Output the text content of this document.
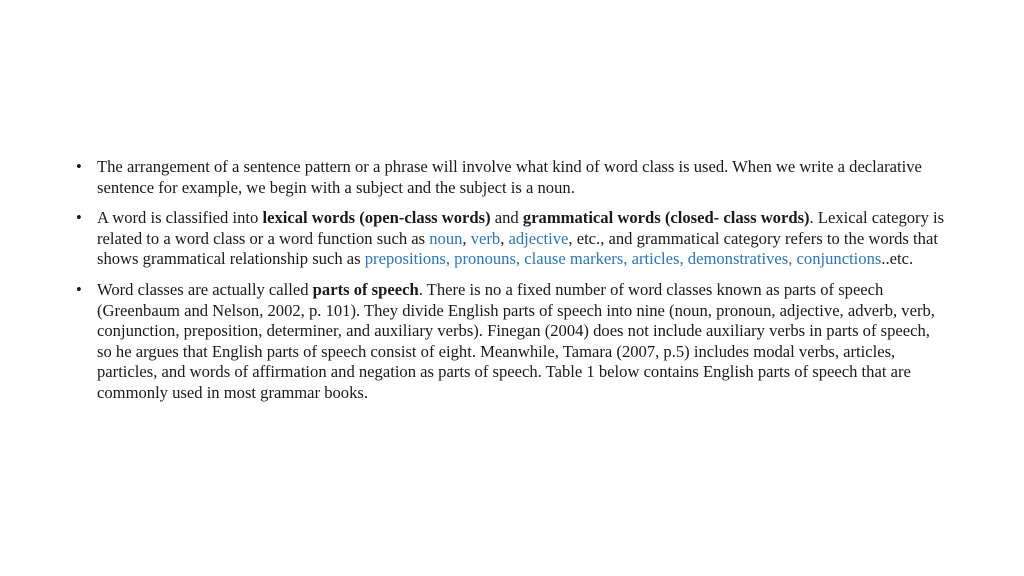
• The arrangement of a sentence pattern or a phrase will involve what kind of word class is used. When we write a declarative sentence for example, we begin with a subject and the subject is a noun.
• A word is classified into lexical words (open-class words) and grammatical words (closed- class words). Lexical category is related to a word class or a word function such as noun, verb, adjective, etc., and grammatical category refers to the words that shows grammatical relationship such as prepositions, pronouns, clause markers, articles, demonstratives, conjunctions..etc.
• Word classes are actually called parts of speech. There is no a fixed number of word classes known as parts of speech (Greenbaum and Nelson, 2002, p. 101). They divide English parts of speech into nine (noun, pronoun, adjective, adverb, verb, conjunction, preposition, determiner, and auxiliary verbs). Finegan (2004) does not include auxiliary verbs in parts of speech, so he argues that English parts of speech consist of eight. Meanwhile, Tamara (2007, p.5) includes modal verbs, articles, particles, and words of affirmation and negation as parts of speech. Table 1 below contains English parts of speech that are commonly used in most grammar books.
